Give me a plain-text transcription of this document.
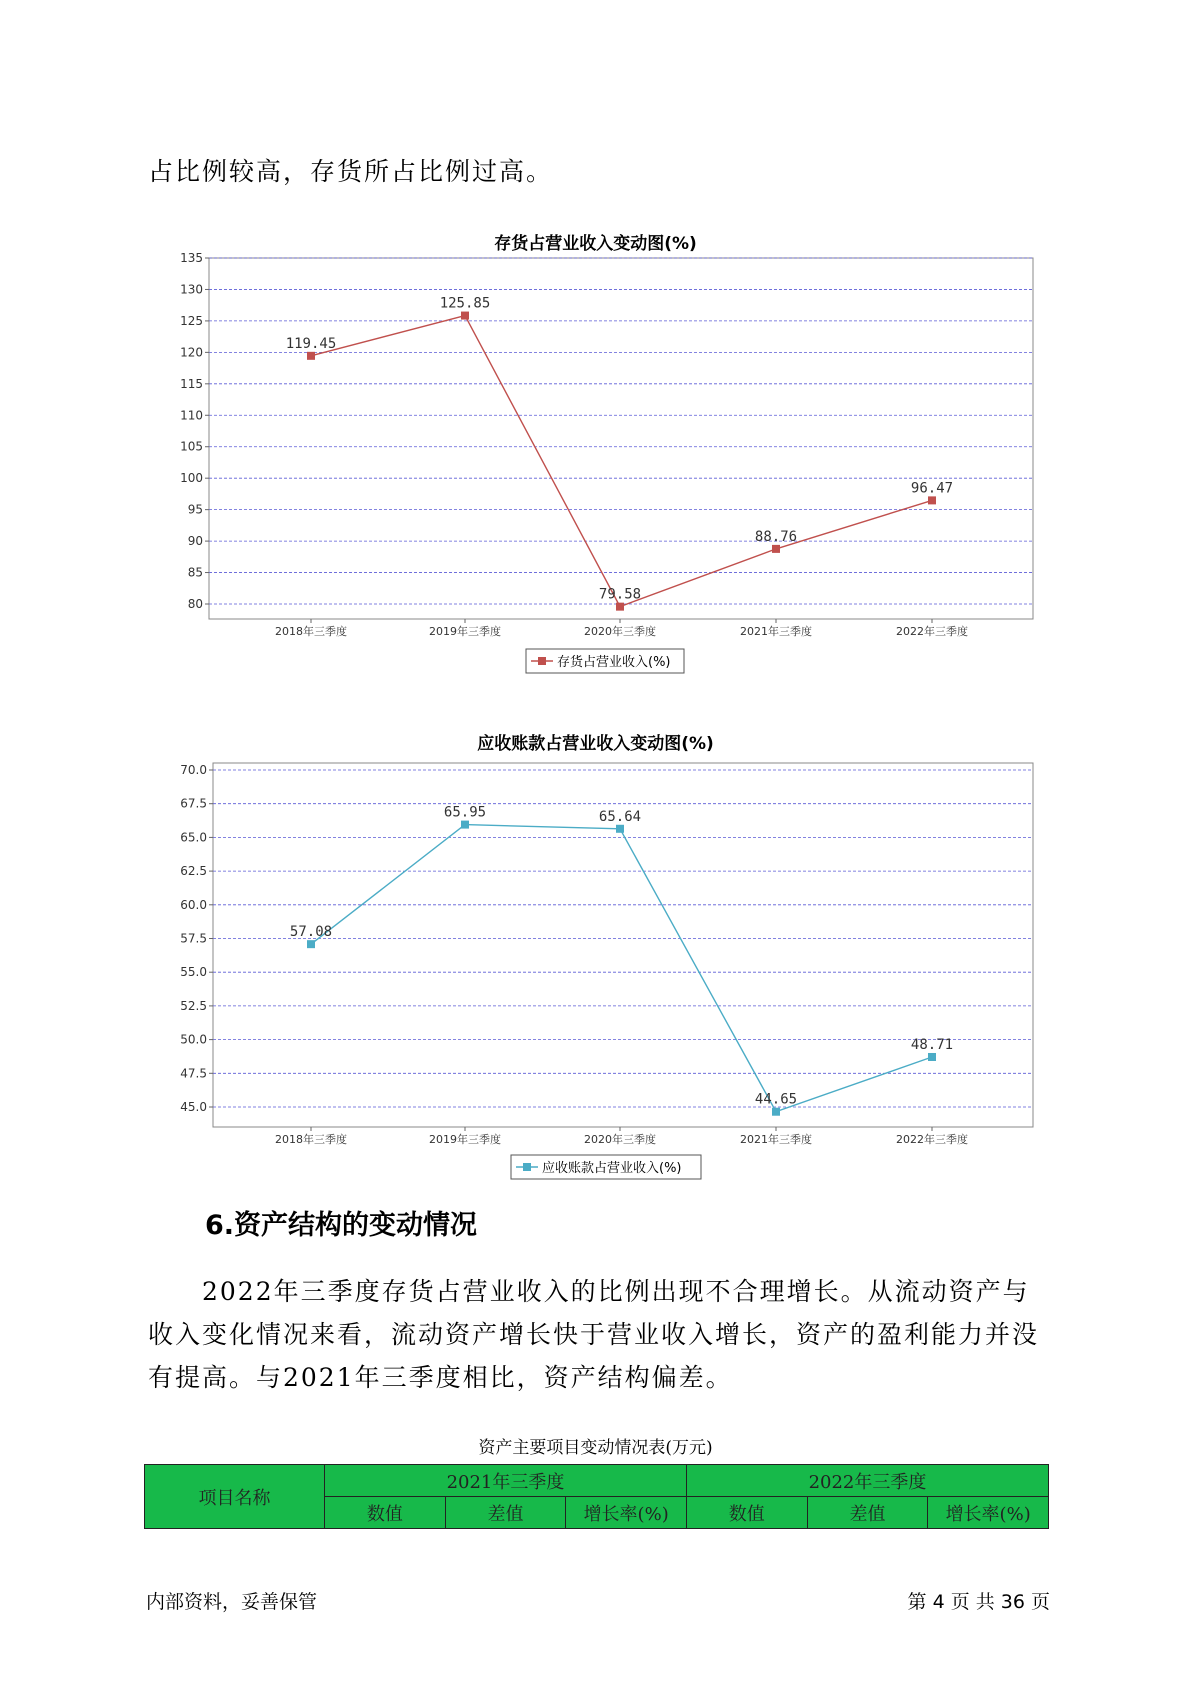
占比例较高，存货所占比例过高。

存货占营业收入变动图(%)
135
130
125
120
115
110
105
100
95
90
85
80
2018年三季度	2019年三季度	2020年三季度	2021年三季度	2022年三季度
119.45
125.85
79.58
88.76
96.47
存货占营业收入(%)
应收账款占营业收入变动图(%)
70.0
67.5
65.0
62.5
60.0
57.5
55.0
52.5
50.0
47.5
45.0
2018年三季度	2019年三季度	2020年三季度	2021年三季度	2022年三季度
57.08
65.95	65.64
44.65
48.71
应收账款占营业收入(%)
6.资产结构的变动情况

2022年三季度存货占营业收入的比例出现不合理增长。从流动资产与收入变化情况来看，流动资产增长快于营业收入增长，资产的盈利能力并没有提高。与2021年三季度相比，资产结构偏差。

资产主要项目变动情况表(万元)
项目名称	2021年三季度			2022年三季度		
	数值	差值	增长率(%)	数值	差值	增长率(%)
内部资料，妥善保管	第 4 页 共 36 页
